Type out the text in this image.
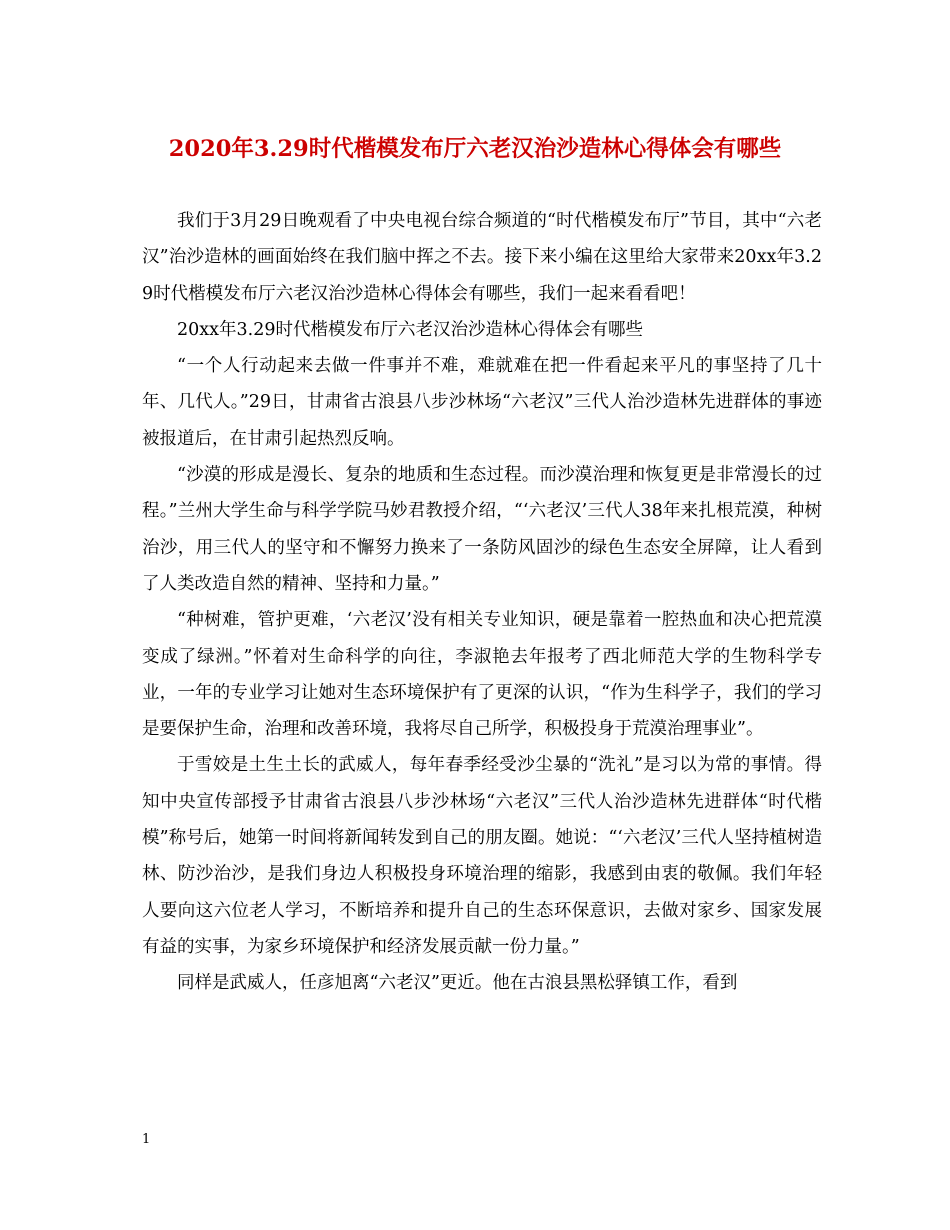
2020年3.29时代楷模发布厅六老汉治沙造林心得体会有哪些

我们于3月29日晚观看了中央电视台综合频道的“时代楷模发布厅”节目，其中“六老汉”治沙造林的画面始终在我们脑中挥之不去。接下来小编在这里给大家带来20xx年3.29时代楷模发布厅六老汉治沙造林心得体会有哪些，我们一起来看看吧！

20xx年3.29时代楷模发布厅六老汉治沙造林心得体会有哪些

“一个人行动起来去做一件事并不难，难就难在把一件看起来平凡的事坚持了几十年、几代人。”29日，甘肃省古浪县八步沙林场“六老汉”三代人治沙造林先进群体的事迹被报道后，在甘肃引起热烈反响。

“沙漠的形成是漫长、复杂的地质和生态过程。而沙漠治理和恢复更是非常漫长的过程。”兰州大学生命与科学学院马妙君教授介绍，“‘六老汉’三代人38年来扎根荒漠，种树治沙，用三代人的坚守和不懈努力换来了一条防风固沙的绿色生态安全屏障，让人看到了人类改造自然的精神、坚持和力量。”

“种树难，管护更难，‘六老汉’没有相关专业知识，硬是靠着一腔热血和决心把荒漠变成了绿洲。”怀着对生命科学的向往，李淑艳去年报考了西北师范大学的生物科学专业，一年的专业学习让她对生态环境保护有了更深的认识，“作为生科学子，我们的学习是要保护生命，治理和改善环境，我将尽自己所学，积极投身于荒漠治理事业”。

于雪姣是土生土长的武威人，每年春季经受沙尘暴的“洗礼”是习以为常的事情。得知中央宣传部授予甘肃省古浪县八步沙林场“六老汉”三代人治沙造林先进群体“时代楷模”称号后，她第一时间将新闻转发到自己的朋友圈。她说：“‘六老汉’三代人坚持植树造林、防沙治沙，是我们身边人积极投身环境治理的缩影，我感到由衷的敬佩。我们年轻人要向这六位老人学习，不断培养和提升自己的生态环保意识，去做对家乡、国家发展有益的实事，为家乡环境保护和经济发展贡献一份力量。”

同样是武威人，任彦旭离“六老汉”更近。他在古浪县黑松驿镇工作，看到

1
